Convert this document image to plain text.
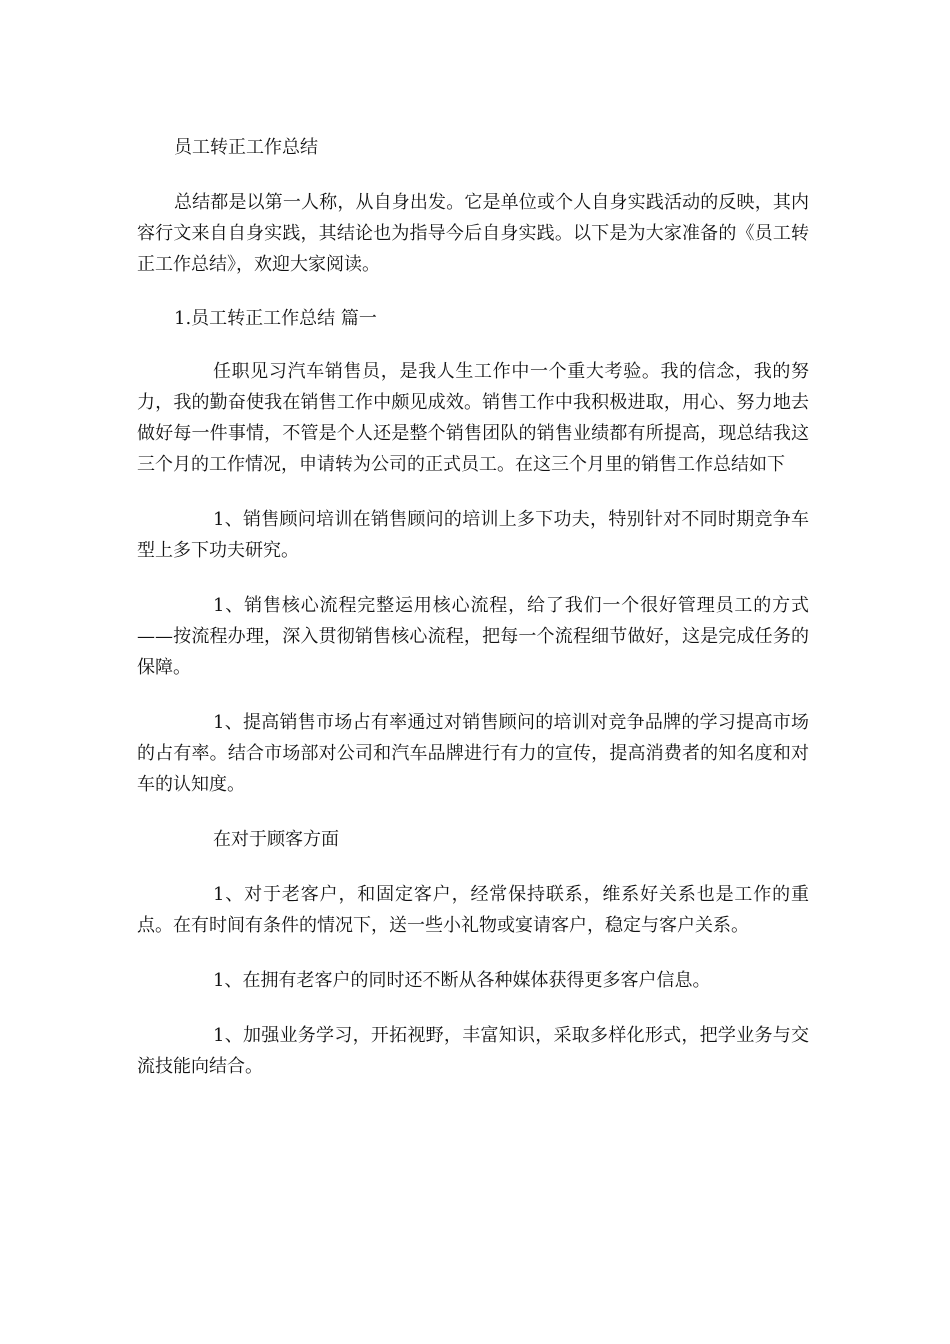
员工转正工作总结

总结都是以第一人称，从自身出发。它是单位或个人自身实践活动的反映，其内容行文来自自身实践，其结论也为指导今后自身实践。以下是为大家准备的《员工转正工作总结》，欢迎大家阅读。

1.员工转正工作总结 篇一

任职见习汽车销售员，是我人生工作中一个重大考验。我的信念，我的努力，我的勤奋使我在销售工作中颇见成效。销售工作中我积极进取，用心、努力地去做好每一件事情，不管是个人还是整个销售团队的销售业绩都有所提高，现总结我这三个月的工作情况，申请转为公司的正式员工。在这三个月里的销售工作总结如下

1、销售顾问培训在销售顾问的培训上多下功夫，特别针对不同时期竞争车型上多下功夫研究。

1、销售核心流程完整运用核心流程，给了我们一个很好管理员工的方式——按流程办理，深入贯彻销售核心流程，把每一个流程细节做好，这是完成任务的保障。

1、提高销售市场占有率通过对销售顾问的培训对竞争品牌的学习提高市场的占有率。结合市场部对公司和汽车品牌进行有力的宣传，提高消费者的知名度和对车的认知度。

在对于顾客方面

1、对于老客户，和固定客户，经常保持联系，维系好关系也是工作的重点。在有时间有条件的情况下，送一些小礼物或宴请客户，稳定与客户关系。

1、在拥有老客户的同时还不断从各种媒体获得更多客户信息。

1、加强业务学习，开拓视野，丰富知识，采取多样化形式，把学业务与交流技能向结合。
